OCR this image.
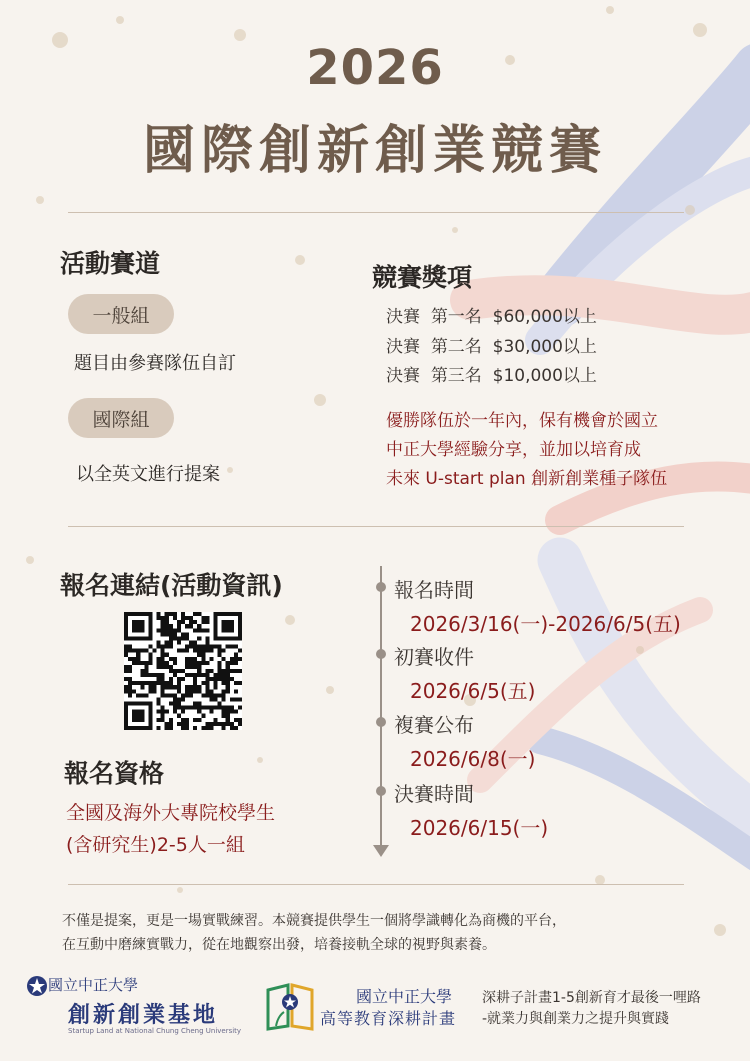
2026
國際創新創業競賽
活動賽道
一般組
題目由參賽隊伍自訂
國際組
以全英文進行提案
競賽獎項
決賽 第一名 $60,000以上
決賽 第二名 $30,000以上
決賽 第三名 $10,000以上
優勝隊伍於一年內，保有機會於國立
中正大學經驗分享，並加以培育成
未來 U-start plan 創新創業種子隊伍
報名連結(活動資訊)
報名資格
全國及海外大專院校學生
(含研究生)2-5人一組
報名時間
2026/3/16(一)-2026/6/5(五)
初賽收件
2026/6/5(五)
複賽公布
2026/6/8(一)
決賽時間
2026/6/15(一)
不僅是提案，更是一場實戰練習。本競賽提供學生一個將學識轉化為商機的平台，
在互動中磨練實戰力，從在地觀察出發，培養接軌全球的視野與素養。
國立中正大學
創新創業基地
Startup Land at National Chung Cheng University
國立中正大學
高等教育深耕計畫
深耕子計畫1-5創新育才最後一哩路
-就業力與創業力之提升與實踐
